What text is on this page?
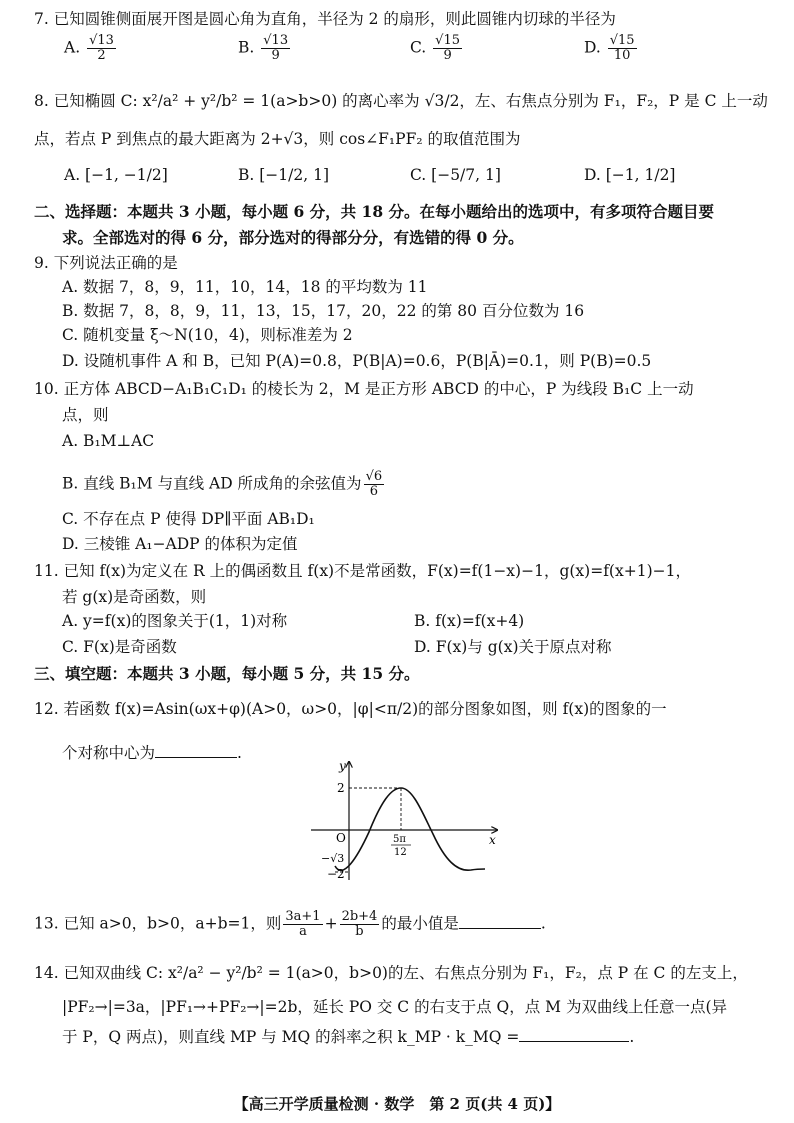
7. 已知圆锥侧面展开图是圆心角为直角，半径为 2 的扇形，则此圆锥内切球的半径为
A. $\frac{√13}{2}$	B. $\frac{√13}{9}$	C. $\frac{√15}{9}$	D. $\frac{√15}{10}$
8. 已知椭圆 C: x²/a² + y²/b² = 1(a>b>0) 的离心率为 √3/2，左、右焦点分别为 F₁，F₂，P 是 C 上一动
点，若点 P 到焦点的最大距离为 2+√3，则 cos∠F₁PF₂ 的取值范围为
A. [−1, −1/2]	B. [−1/2, 1]	C. [−5/7, 1]	D. [−1, 1/2]
二、选择题：本题共 3 小题，每小题 6 分，共 18 分。在每小题给出的选项中，有多项符合题目要
求。全部选对的得 6 分，部分选对的得部分分，有选错的得 0 分。
9. 下列说法正确的是
A. 数据 7，8，9，11，10，14，18 的平均数为 11
B. 数据 7，8，8，9，11，13，15，17，20，22 的第 80 百分位数为 16
C. 随机变量 ξ～N(10，4)，则标准差为 2
D. 设随机事件 A 和 B，已知 P(A)=0.8，P(B|A)=0.6，P(B|Ā)=0.1，则 P(B)=0.5
10. 正方体 ABCD−A₁B₁C₁D₁ 的棱长为 2，M 是正方形 ABCD 的中心，P 为线段 B₁C 上一动
点，则
A. B₁M⊥AC
B. 直线 B₁M 与直线 AD 所成角的余弦值为 $\frac{√6}{6}$
C. 不存在点 P 使得 DP∥平面 AB₁D₁
D. 三棱锥 A₁−ADP 的体积为定值
11. 已知 f(x)为定义在 R 上的偶函数且 f(x)不是常函数，F(x)=f(1−x)−1，g(x)=f(x+1)−1，
若 g(x)是奇函数，则
A. y=f(x)的图象关于(1，1)对称	B. f(x)=f(x+4)
C. F(x)是奇函数	D. F(x)与 g(x)关于原点对称
三、填空题：本题共 3 小题，每小题 5 分，共 15 分。
12. 若函数 f(x)=Asin(ωx+φ)(A>0，ω>0，|φ|<π/2)的部分图象如图，则 f(x)的图象的一
个对称中心为	.
y
x
O
2
−√3
−2
5π
12
13. 已知 a>0，b>0，a+b=1，则 $\frac{3a+1}{a} + \frac{2b+4}{b}$ 的最小值是	.
14. 已知双曲线 C: x²/a² − y²/b² = 1(a>0，b>0)的左、右焦点分别为 F₁，F₂，点 P 在 C 的左支上，
|PF₂→|=3a，|PF₁→+PF₂→|=2b，延长 PO 交 C 的右支于点 Q，点 M 为双曲线上任意一点(异
于 P，Q 两点)，则直线 MP 与 MQ 的斜率之积 k_MP · k_MQ =	.
【高三开学质量检测 · 数学　第 2 页(共 4 页)】
